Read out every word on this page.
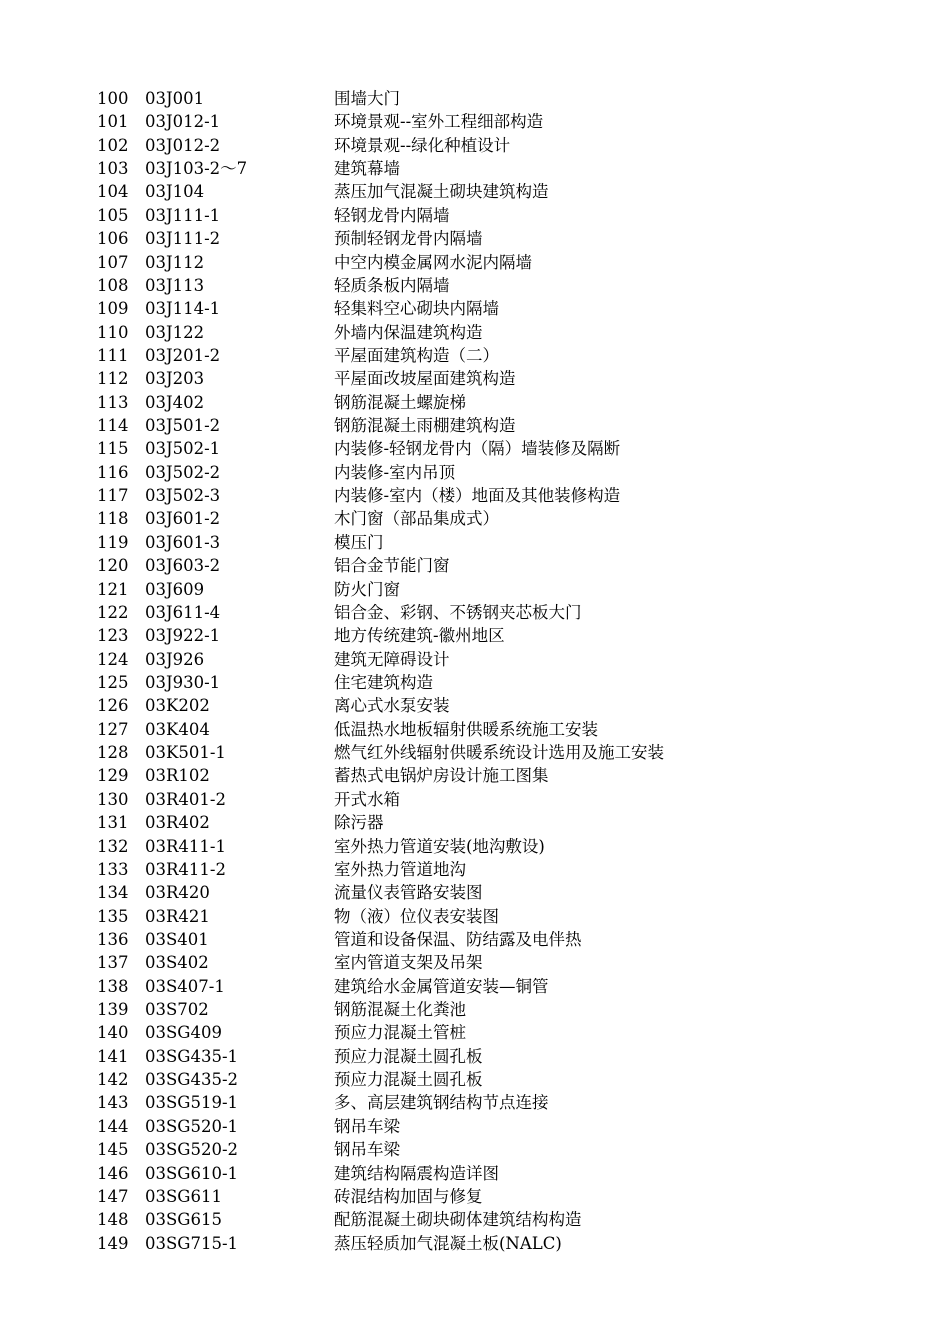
100	03J001	围墙大门
101	03J012-1	环境景观--室外工程细部构造
102	03J012-2	环境景观--绿化种植设计
103	03J103-2～7	建筑幕墙
104	03J104	蒸压加气混凝土砌块建筑构造
105	03J111-1	轻钢龙骨内隔墙
106	03J111-2	预制轻钢龙骨内隔墙
107	03J112	中空内模金属网水泥内隔墙
108	03J113	轻质条板内隔墙
109	03J114-1	轻集料空心砌块内隔墙
110	03J122	外墙内保温建筑构造
111	03J201-2	平屋面建筑构造（二）
112	03J203	平屋面改坡屋面建筑构造
113	03J402	钢筋混凝土螺旋梯
114	03J501-2	钢筋混凝土雨棚建筑构造
115	03J502-1	内装修-轻钢龙骨内（隔）墙装修及隔断
116	03J502-2	内装修-室内吊顶
117	03J502-3	内装修-室内（楼）地面及其他装修构造
118	03J601-2	木门窗（部品集成式）
119	03J601-3	模压门
120	03J603-2	铝合金节能门窗
121	03J609	防火门窗
122	03J611-4	铝合金、彩钢、不锈钢夹芯板大门
123	03J922-1	地方传统建筑-徽州地区
124	03J926	建筑无障碍设计
125	03J930-1	住宅建筑构造
126	03K202	离心式水泵安装
127	03K404	低温热水地板辐射供暖系统施工安装
128	03K501-1	燃气红外线辐射供暖系统设计选用及施工安装
129	03R102	蓄热式电锅炉房设计施工图集
130	03R401-2	开式水箱
131	03R402	除污器
132	03R411-1	室外热力管道安装(地沟敷设)
133	03R411-2	室外热力管道地沟
134	03R420	流量仪表管路安装图
135	03R421	物（液）位仪表安装图
136	03S401	管道和设备保温、防结露及电伴热
137	03S402	室内管道支架及吊架
138	03S407-1	建筑给水金属管道安装—铜管
139	03S702	钢筋混凝土化粪池
140	03SG409	预应力混凝土管桩
141	03SG435-1	预应力混凝土圆孔板
142	03SG435-2	预应力混凝土圆孔板
143	03SG519-1	多、高层建筑钢结构节点连接
144	03SG520-1	钢吊车梁
145	03SG520-2	钢吊车梁
146	03SG610-1	建筑结构隔震构造详图
147	03SG611	砖混结构加固与修复
148	03SG615	配筋混凝土砌块砌体建筑结构构造
149	03SG715-1	蒸压轻质加气混凝土板(NALC)
